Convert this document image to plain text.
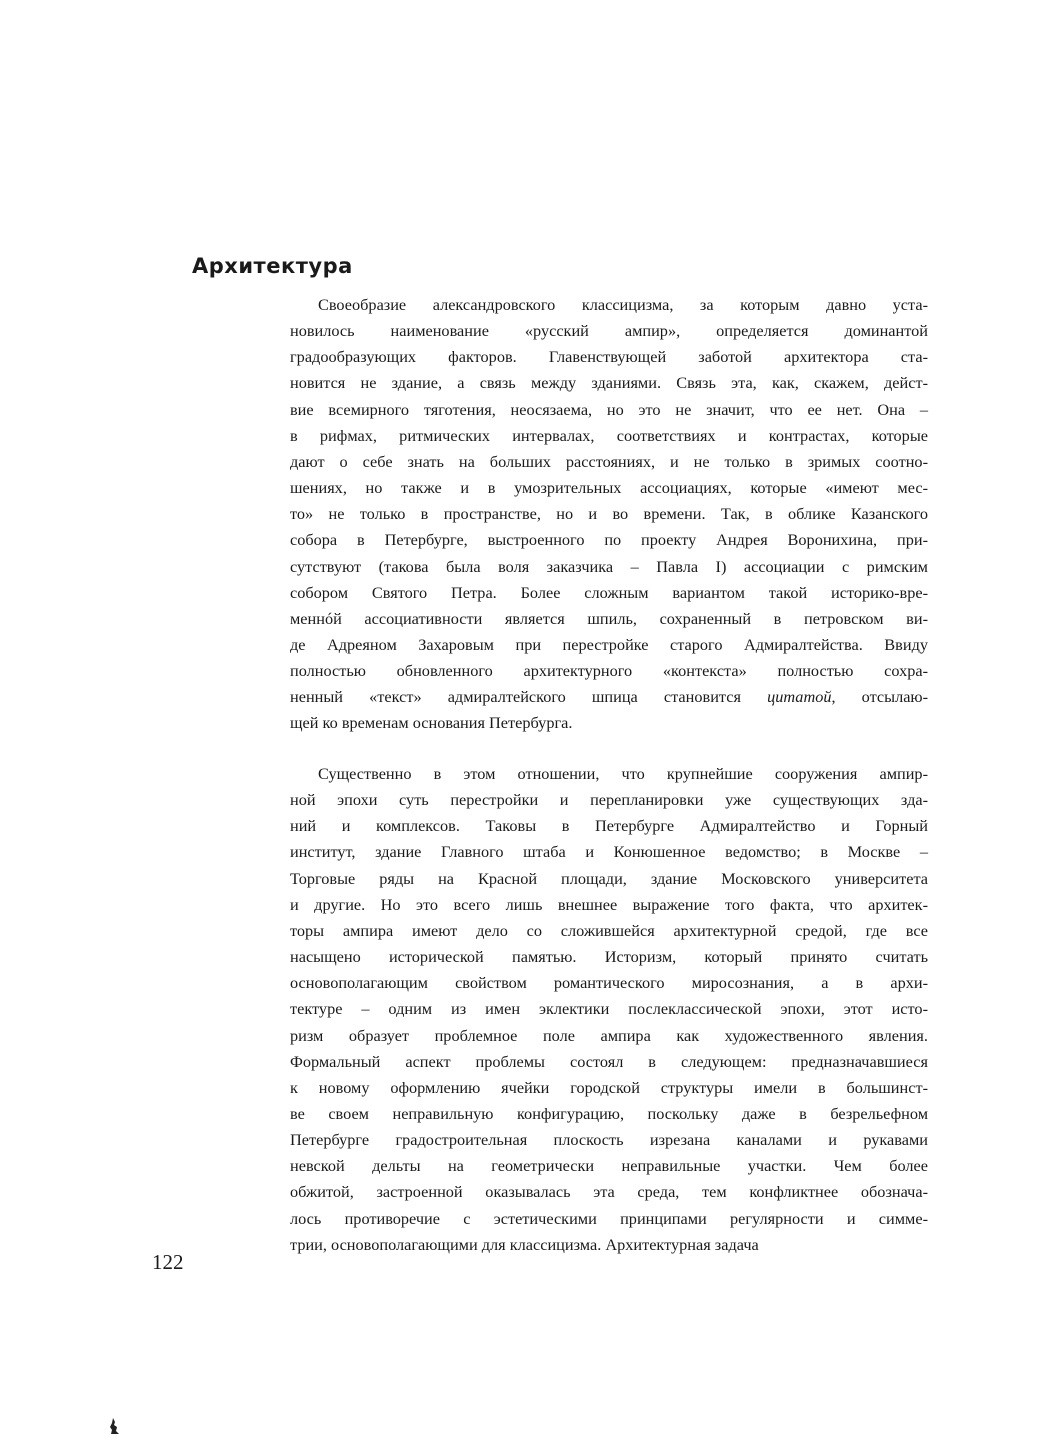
Архитектура
Своеобразие александровского классицизма, за которым давно уста-
новилось наименование «русский ампир», определяется доминантой
градообразующих факторов. Главенствующей заботой архитектора ста-
новится не здание, а связь между зданиями. Связь эта, как, скажем, дейст-
вие всемирного тяготения, неосязаема, но это не значит, что ее нет. Она –
в рифмах, ритмических интервалах, соответствиях и контрастах, которые
дают о себе знать на больших расстояниях, и не только в зримых соотно-
шениях, но также и в умозрительных ассоциациях, которые «имеют мес-
то» не только в пространстве, но и во времени. Так, в облике Казанского
собора в Петербурге, выстроенного по проекту Андрея Воронихина, при-
сутствуют (такова была воля заказчика – Павла I) ассоциации с римским
собором Святого Петра. Более сложным вариантом такой историко-вре-
меннóй ассоциативности является шпиль, сохраненный в петровском ви-
де Адреяном Захаровым при перестройке старого Адмиралтейства. Ввиду
полностью обновленного архитектурного «контекста» полностью сохра-
ненный «текст» адмиралтейского шпица становится цитатой, отсылаю-
щей ко временам основания Петербурга.
Существенно в этом отношении, что крупнейшие сооружения ампир-
ной эпохи суть перестройки и перепланировки уже существующих зда-
ний и комплексов. Таковы в Петербурге Адмиралтейство и Горный
институт, здание Главного штаба и Конюшенное ведомство; в Москве –
Торговые ряды на Красной площади, здание Московского университета
и другие. Но это всего лишь внешнее выражение того факта, что архитек-
торы ампира имеют дело со сложившейся архитектурной средой, где все
насыщено исторической памятью. Историзм, который принято считать
основополагающим свойством романтического миросознания, а в архи-
тектуре – одним из имен эклектики послеклассической эпохи, этот исто-
ризм образует проблемное поле ампира как художественного явления.
Формальный аспект проблемы состоял в следующем: предназначавшиеся
к новому оформлению ячейки городской структуры имели в большинст-
ве своем неправильную конфигурацию, поскольку даже в безрельефном
Петербурге градостроительная плоскость изрезана каналами и рукавами
невской дельты на геометрически неправильные участки. Чем более
обжитой, застроенной оказывалась эта среда, тем конфликтнее обознача-
лось противоречие с эстетическими принципами регулярности и симме-
трии, основополагающими для классицизма. Архитектурная задача

122
